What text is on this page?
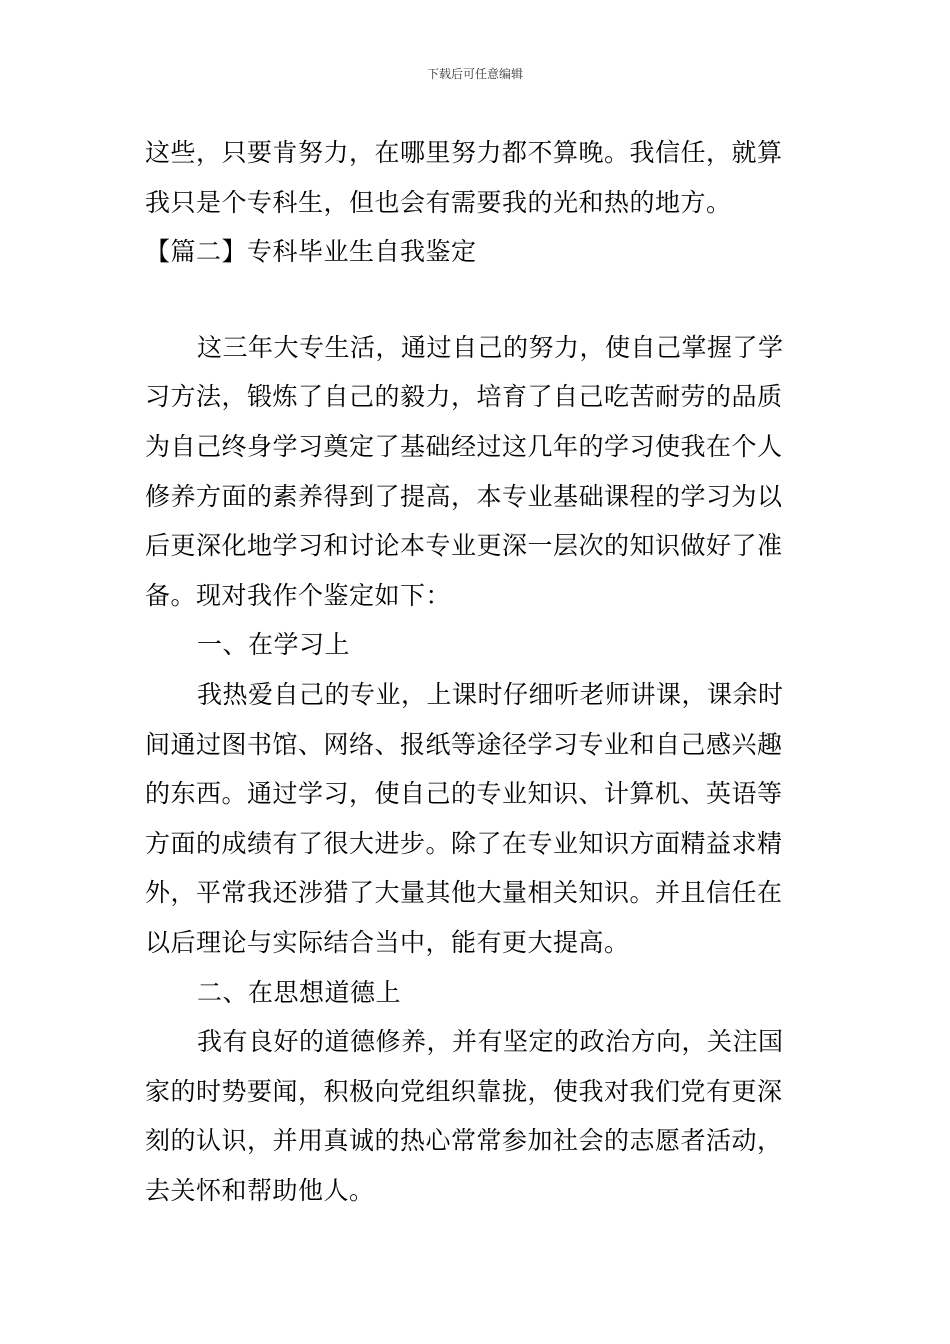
下载后可任意编辑
这些，只要肯努力，在哪里努力都不算晚。我信任，就算
我只是个专科生，但也会有需要我的光和热的地方。
【篇二】专科毕业生自我鉴定
这三年大专生活，通过自己的努力，使自己掌握了学
习方法，锻炼了自己的毅力，培育了自己吃苦耐劳的品质
为自己终身学习奠定了基础经过这几年的学习使我在个人
修养方面的素养得到了提高，本专业基础课程的学习为以
后更深化地学习和讨论本专业更深一层次的知识做好了准
备。现对我作个鉴定如下：
一、在学习上
我热爱自己的专业，上课时仔细听老师讲课，课余时
间通过图书馆、网络、报纸等途径学习专业和自己感兴趣
的东西。通过学习，使自己的专业知识、计算机、英语等
方面的成绩有了很大进步。除了在专业知识方面精益求精
外，平常我还涉猎了大量其他大量相关知识。并且信任在
以后理论与实际结合当中，能有更大提高。
二、在思想道德上
我有良好的道德修养，并有坚定的政治方向，关注国
家的时势要闻，积极向党组织靠拢，使我对我们党有更深
刻的认识，并用真诚的热心常常参加社会的志愿者活动，
去关怀和帮助他人。
